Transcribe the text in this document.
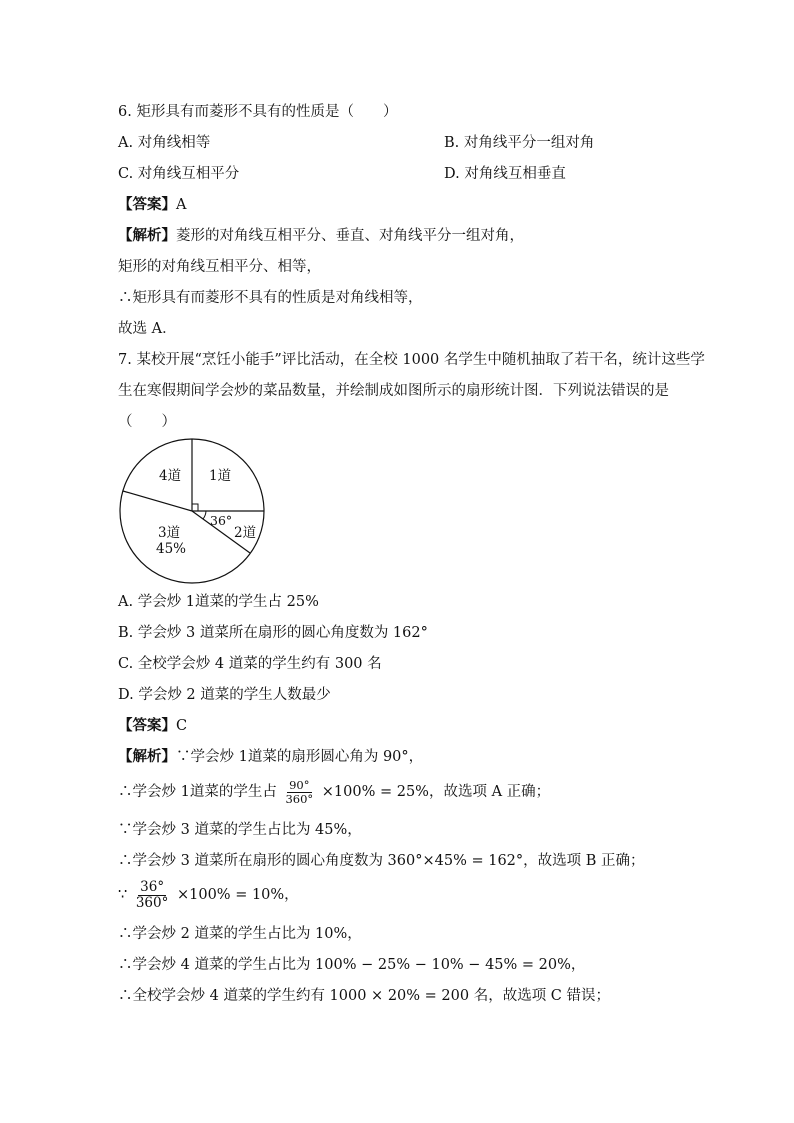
6. 矩形具有而菱形不具有的性质是（　　）
A. 对角线相等	B. 对角线平分一组对角
C. 对角线互相平分	D. 对角线互相垂直
【答案】A
【解析】菱形的对角线互相平分、垂直、对角线平分一组对角，
矩形的对角线互相平分、相等，
∴矩形具有而菱形不具有的性质是对角线相等，
故选 A．
7. 某校开展“烹饪小能手”评比活动，在全校 1000 名学生中随机抽取了若干名，统计这些学
生在寒假期间学会炒的菜品数量，并绘制成如图所示的扇形统计图．下列说法错误的是
（　　）
4道 1道
3道
45%
2道
36°
A. 学会炒 1道菜的学生占 25%
B. 学会炒 3 道菜所在扇形的圆心角度数为 162°
C. 全校学会炒 4 道菜的学生约有 300 名
D. 学会炒 2 道菜的学生人数最少
【答案】C
【解析】∵学会炒 1道菜的扇形圆心角为 90°，
∴学会炒 1道菜的学生占 $\frac{90^\circ}{360^\circ} \times 100\% = 25\%$，故选项 A 正确；
∵学会炒 3 道菜的学生占比为 45%，
∴学会炒 3 道菜所在扇形的圆心角度数为 360°×45% = 162°，故选项 B 正确；
∵ $\frac{36^\circ}{360^\circ} \times 100\% = 10\%$，
∴学会炒 2 道菜的学生占比为 10%，
∴学会炒 4 道菜的学生占比为 100% − 25% − 10% − 45% = 20%，
∴全校学会炒 4 道菜的学生约有 1000 × 20% = 200 名，故选项 C 错误；
